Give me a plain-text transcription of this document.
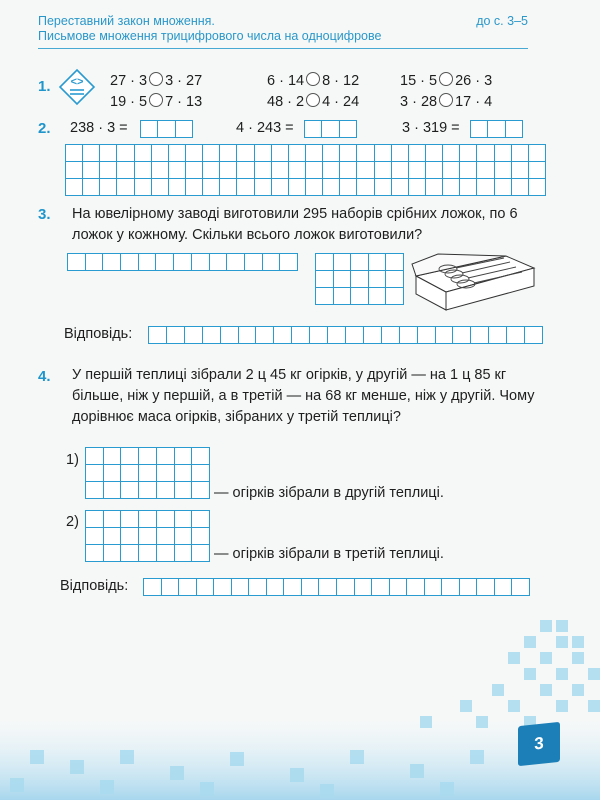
Переставний закон множення.
Письмове множення трицифрового числа на одноцифрове
до с. 3–5
1. <> 27 · 3 3 · 27	6 · 14 8 · 12	15 · 5 26 · 3
19 · 5 7 · 13	48 · 2 4 · 24	3 · 28 17 · 4
2. 238 · 3 =	4 · 243 =	3 · 319 =
3. На ювелірному заводі виготовили 295 наборів срібних ложок, по 6 ложок у кожному. Скільки всього ложок виготовили?
Відповідь:
4. У першій теплиці зібрали 2 ц 45 кг огірків, у другій — на 1 ц 85 кг більше, ніж у першій, а в третій — на 68 кг менше, ніж у другій. Чому дорівнює маса огірків, зібраних у третій теплиці?
1)
— огірків зібрали в другій теплиці.
2)
— огірків зібрали в третій теплиці.
Відповідь:
3
